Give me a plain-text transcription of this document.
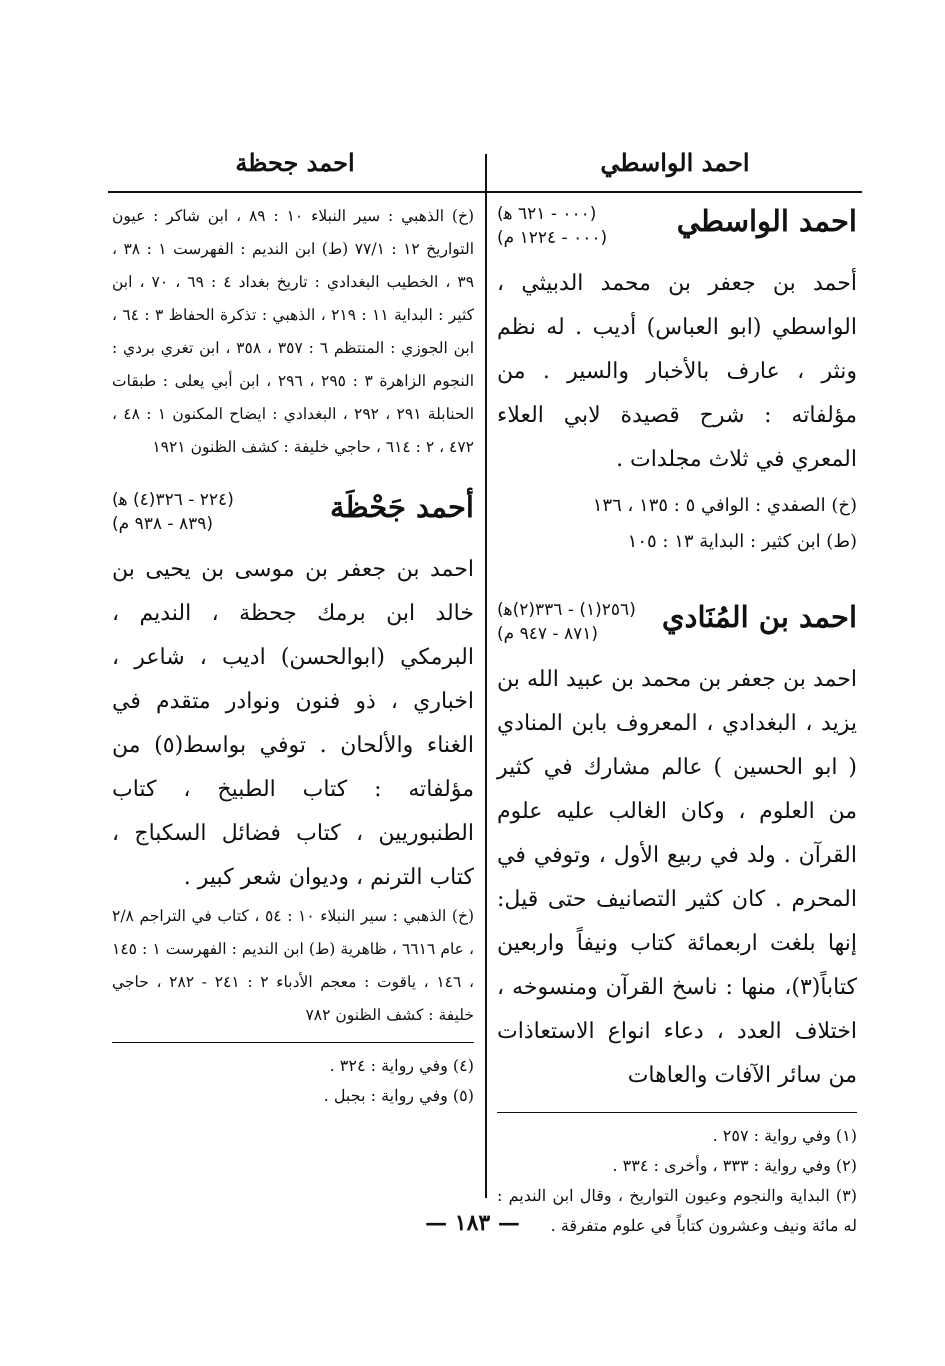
احمد الواسطي
احمد جحظة
احمد الواسطي
(٠٠٠ - ٦٢١ ﻫ)
(٠٠٠ - ١٢٢٤ م)

أحمد بن جعفر بن محمد الدبيثي ، الواسطي (ابو العباس) أديب . له نظم ونثر ، عارف بالأخبار والسير . من مؤلفاته : شرح قصيدة لابي العلاء المعري في ثلاث مجلدات .

(خ) الصفدي : الوافي ٥ : ١٣٥ ، ١٣٦

(ط) ابن كثير : البداية ١٣ : ١٠٥

احمد بن المُنَادي
(٢٥٦(١) - ٣٣٦(٢)ﻫ)
(٨٧١ - ٩٤٧ م)

احمد بن جعفر بن محمد بن عبيد الله بن يزيد ، البغدادي ، المعروف بابن المنادي ( ابو الحسين ) عالم مشارك في كثير من العلوم ، وكان الغالب عليه علوم القرآن . ولد في ربيع الأول ، وتوفي في المحرم . كان كثير التصانيف حتى قيل: إنها بلغت اربعمائة كتاب ونيفاً واربعين كتاباً(٣)، منها : ناسخ القرآن ومنسوخه ، اختلاف العدد ، دعاء انواع الاستعاذات من سائر الآفات والعاهات

(١) وفي رواية : ٢٥٧ .

(٢) وفي رواية : ٣٣٣ ، وأخرى : ٣٣٤ .

(٣) البداية والنجوم وعيون التواريخ ، وقال ابن النديم : له مائة ونيف وعشرون كتاباً في علوم متفرقة .

(خ) الذهبي : سير النبلاء ١٠ : ٨٩ ، ابن شاكر : عيون التواريخ ١٢ : ٧٧/١ (ط) ابن النديم : الفهرست ١ : ٣٨ ، ٣٩ ، الخطيب البغدادي : تاريخ بغداد ٤ : ٦٩ ، ٧٠ ، ابن كثير : البداية ١١ : ٢١٩ ، الذهبي : تذكرة الحفاظ ٣ : ٦٤ ، ابن الجوزي : المنتظم ٦ : ٣٥٧ ، ٣٥٨ ، ابن تغري بردي : النجوم الزاهرة ٣ : ٢٩٥ ، ٢٩٦ ، ابن أبي يعلى : طبقات الحنابلة ٢٩١ ، ٢٩٢ ، البغدادي : ايضاح المكنون ١ : ٤٨ ، ٤٧٢ ، ٢ : ٦١٤ ، حاجي خليفة : كشف الظنون ١٩٢١

أحمد جَحْظَة
(٢٢٤ - ٣٢٦(٤) ﻫ)
(٨٣٩ - ٩٣٨ م)

احمد بن جعفر بن موسى بن يحيى بن خالد ابن برمك جحظة ، النديم ، البرمكي (ابوالحسن) اديب ، شاعر ، اخباري ، ذو فنون ونوادر متقدم في الغناء والألحان . توفي بواسط(٥) من مؤلفاته : كتاب الطبيخ ، كتاب الطنبوريين ، كتاب فضائل السكباج ، كتاب الترنم ، وديوان شعر كبير .

(خ) الذهبي : سير النبلاء ١٠ : ٥٤ ، كتاب في التراجم ٢/٨ ، عام ٦٦١٦ ، ظاهرية (ط) ابن النديم : الفهرست ١ : ١٤٥ ، ١٤٦ ، ياقوت : معجم الأدباء ٢ : ٢٤١ - ٢٨٢ ، حاجي خليفة : كشف الظنون ٧٨٢

(٤) وفي رواية : ٣٢٤ .

(٥) وفي رواية : بجبل .

— ١٨٣ —
